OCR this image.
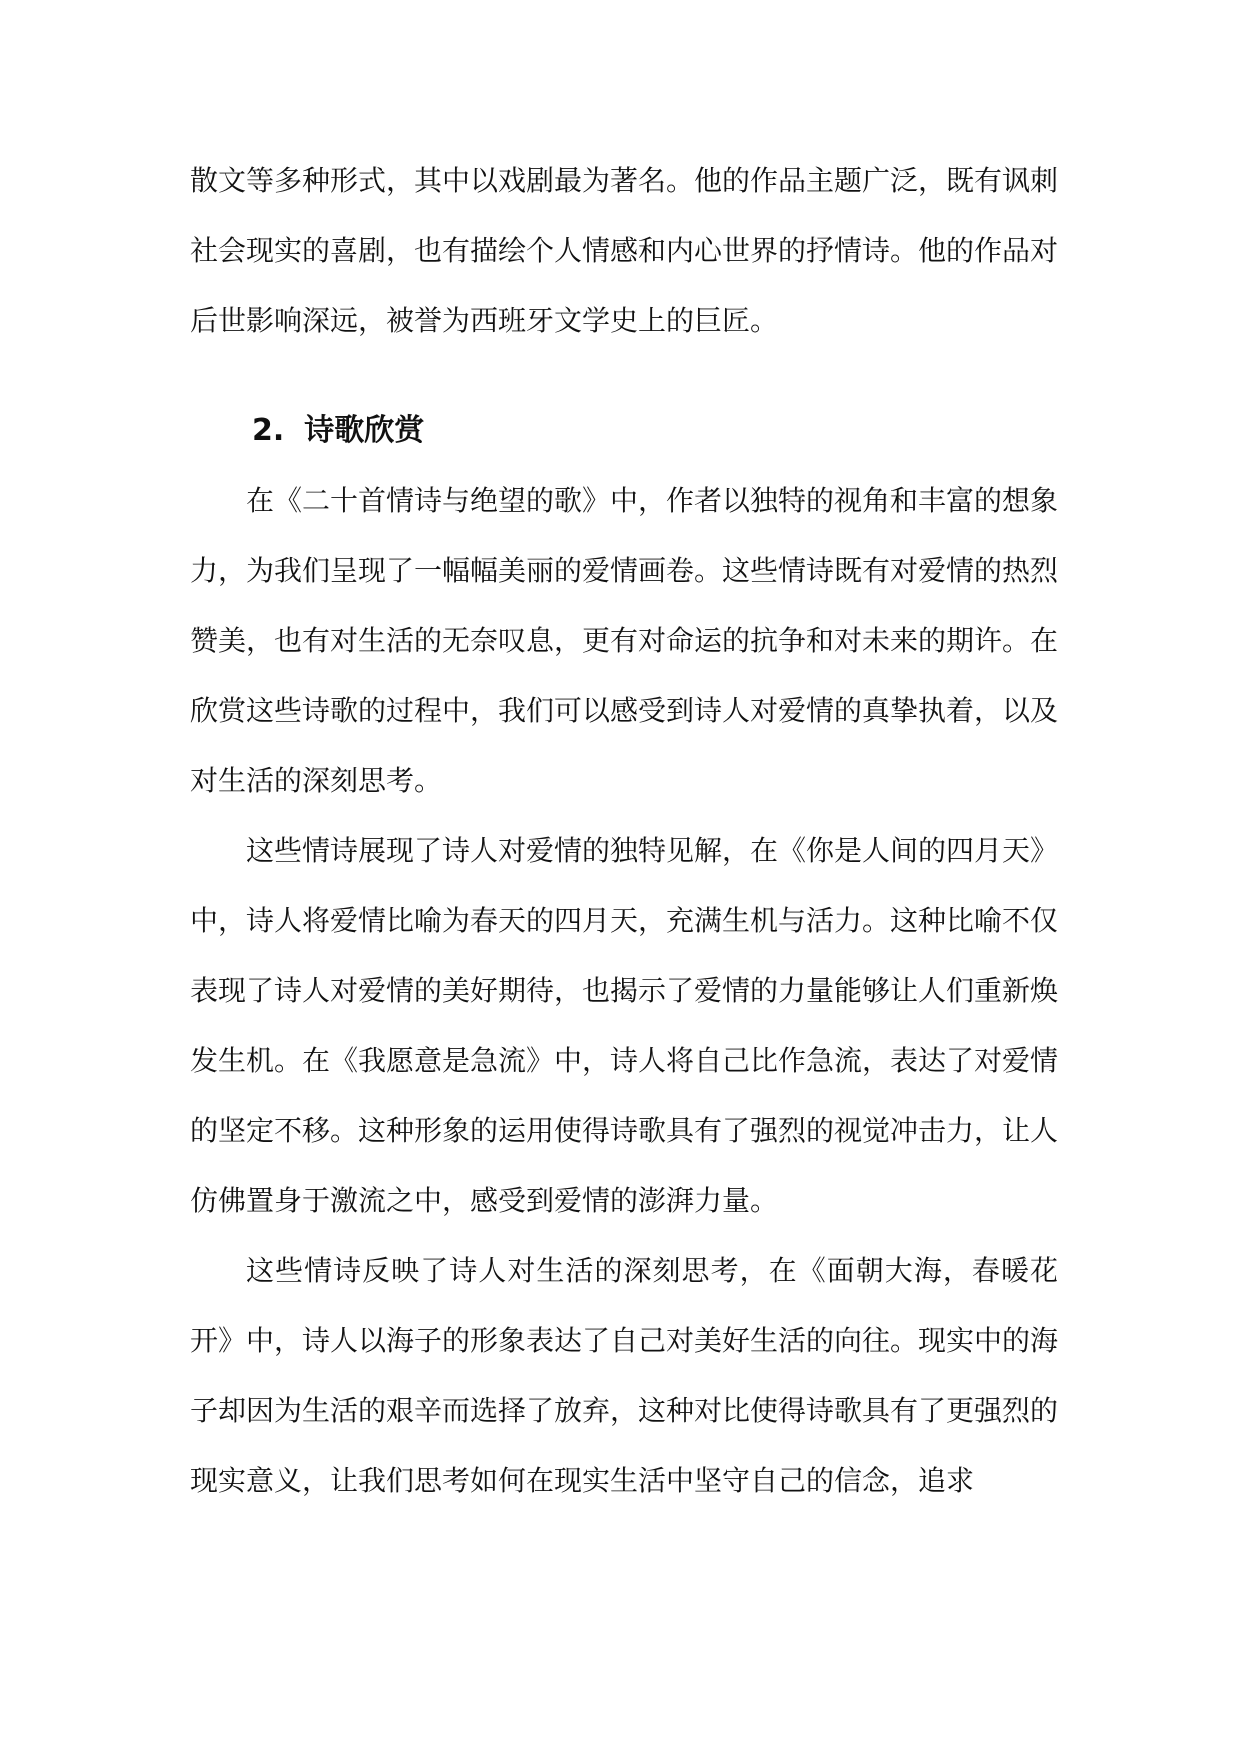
散文等多种形式，其中以戏剧最为著名。他的作品主题广泛，既有讽刺社会现实的喜剧，也有描绘个人情感和内心世界的抒情诗。他的作品对后世影响深远，被誉为西班牙文学史上的巨匠。

2. 诗歌欣赏

在《二十首情诗与绝望的歌》中，作者以独特的视角和丰富的想象力，为我们呈现了一幅幅美丽的爱情画卷。这些情诗既有对爱情的热烈赞美，也有对生活的无奈叹息，更有对命运的抗争和对未来的期许。在欣赏这些诗歌的过程中，我们可以感受到诗人对爱情的真挚执着，以及对生活的深刻思考。

这些情诗展现了诗人对爱情的独特见解，在《你是人间的四月天》中，诗人将爱情比喻为春天的四月天，充满生机与活力。这种比喻不仅表现了诗人对爱情的美好期待，也揭示了爱情的力量能够让人们重新焕发生机。在《我愿意是急流》中，诗人将自己比作急流，表达了对爱情的坚定不移。这种形象的运用使得诗歌具有了强烈的视觉冲击力，让人仿佛置身于激流之中，感受到爱情的澎湃力量。

这些情诗反映了诗人对生活的深刻思考，在《面朝大海，春暖花开》中，诗人以海子的形象表达了自己对美好生活的向往。现实中的海子却因为生活的艰辛而选择了放弃，这种对比使得诗歌具有了更强烈的现实意义，让我们思考如何在现实生活中坚守自己的信念，追求
